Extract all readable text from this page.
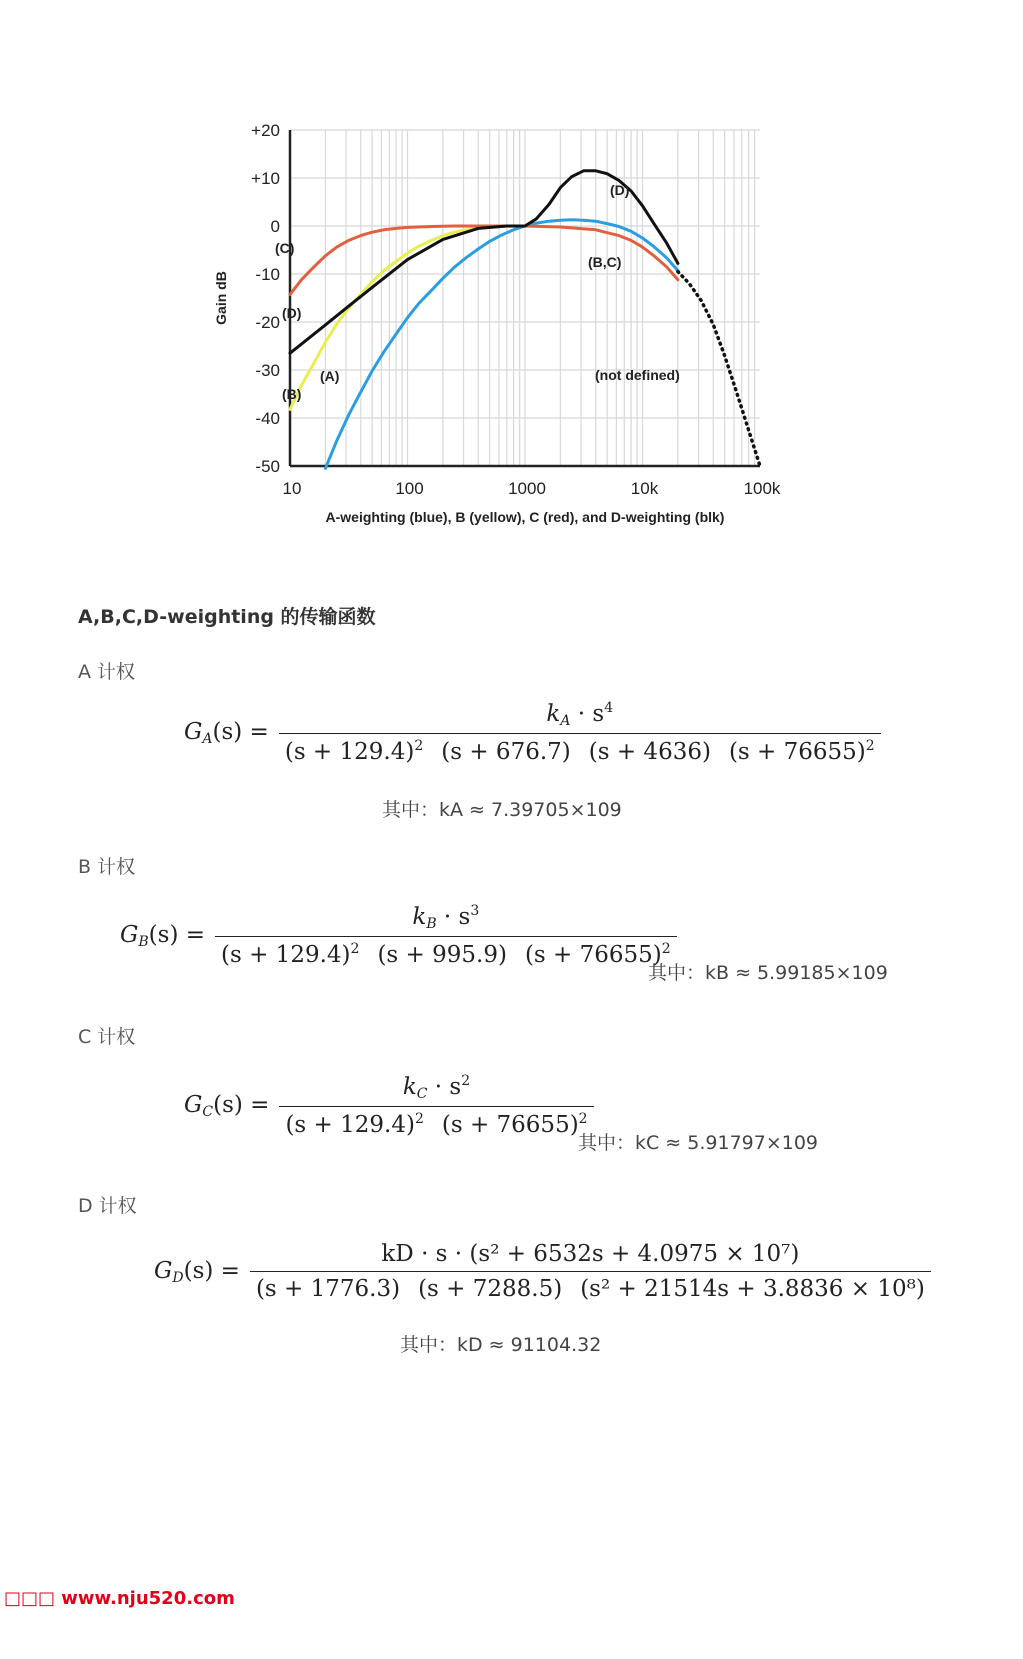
+20
+10
0
-10
-20
-30
-40
-50
10	100	1000	10k	100k
Gain dB
A-weighting (blue), B (yellow), C (red), and D-weighting (blk)
(C)
(D)
(B)
(A)
(D)
(B,C)
(not defined)
A,B,C,D-weighting 的传输函数
A 计权
$G_A(s) = \frac{k_A \cdot s^4}{(s + 129.4)^2 (s + 676.7) (s + 4636) (s + 76655)^2}$
其中：kA ≈ 7.39705×109
B 计权
$G_B(s) = \frac{k_B \cdot s^3}{(s + 129.4)^2 (s + 995.9) (s + 76655)^2}$
其中：kB ≈ 5.99185×109
C 计权
$G_C(s) = \frac{k_C \cdot s^2}{(s + 129.4)^2 (s + 76655)^2}$
其中：kC ≈ 5.91797×109
D 计权
$G_D(s) = \frac{\text{kD · s · (s² + 6532s + 4.0975 × 10⁷)}}{\text{(s + 1776.3) (s + 7288.5) (s² + 21514s + 3.8836 × 10⁸)}}$
其中：kD ≈ 91104.32
□□□ www.nju520.com
